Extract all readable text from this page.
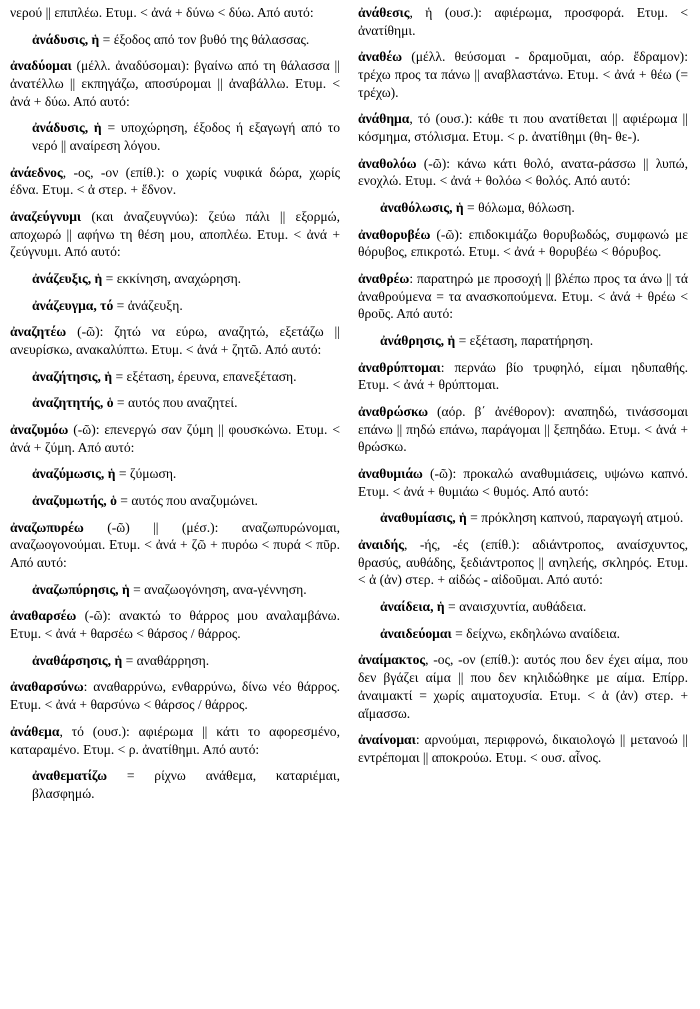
νερού || επιπλέω. Ετυμ. < ἀνά + δύνω < δύω. Από αυτό:

ἀνάδυσις, ἡ = έξοδος από τον βυθό της θάλασσας.

ἀναδύομαι (μέλλ. ἀναδύσομαι): βγαίνω από τη θάλασσα || ἀνατέλλω || εκπηγάζω, αποσύρομαι || ἀναβάλλω. Ετυμ. < ἀνά + δύω. Από αυτό:

ἀνάδυσις, ἡ = υποχώρηση, έξοδος ή εξαγωγή από το νερό || αναίρεση λόγου.

ἀνάεδνος, -ος, -ον (επίθ.): ο χωρίς νυφικά δώρα, χωρίς έδνα. Ετυμ. < ἀ στερ. + ἕδνον.

ἀναζεύγνυμι (και ἀναζευγνύω): ζεύω πάλι || εξορμώ, αποχωρώ || αφήνω τη θέση μου, αποπλέω. Ετυμ. < ἀνά + ζεύγνυμι. Από αυτό:

ἀνάζευξις, ἡ = εκκίνηση, αναχώρηση.

ἀνάζευγμα, τό = ἀνάζευξη.

ἀναζητέω (-ῶ): ζητώ να εύρω, αναζητώ, εξετάζω || ανευρίσκω, ανακαλύπτω. Ετυμ. < ἀνά + ζητῶ. Από αυτό:

ἀναζήτησις, ἡ = εξέταση, έρευνα, επανεξέταση.

ἀναζητητής, ὁ = αυτός που αναζητεί.

ἀναζυμόω (-ῶ): επενεργώ σαν ζύμη || φουσκώνω. Ετυμ. < ἀνά + ζύμη. Από αυτό:

ἀναζύμωσις, ἡ = ζύμωση.

ἀναζυμωτής, ὁ = αυτός που αναζυμώνει.

ἀναζωπυρέω (-ῶ) || (μέσ.): αναζωπυρώνομαι, αναζωογονούμαι. Ετυμ. < ἀνά + ζῶ + πυρόω < πυρά < πῦρ. Από αυτό:

ἀναζωπύρησις, ἡ = αναζωογόνηση, ανα-γέννηση.

ἀναθαρσέω (-ῶ): ανακτώ το θάρρος μου αναλαμβάνω. Ετυμ. < ἀνά + θαρσέω < θάρσος / θάρρος.

ἀναθάρσησις, ἡ = αναθάρρηση.

ἀναθαρσύνω: αναθαρρύνω, ενθαρρύνω, δίνω νέο θάρρος. Ετυμ. < ἀνά + θαρσύνω < θάρσος / θάρρος.

ἀνάθεμα, τό (ουσ.): αφιέρωμα || κάτι το αφορεσμένο, καταραμένο. Ετυμ. < ρ. ἀνατίθημι. Από αυτό:

ἀναθεματίζω = ρίχνω ανάθεμα, καταριέμαι, βλασφημώ.

ἀνάθεσις, ἡ (ουσ.): αφιέρωμα, προσφορά. Ετυμ. < ἀνατίθημι.

ἀναθέω (μέλλ. θεύσομαι - δραμοῦμαι, αόρ. ἔδραμον): τρέχω προς τα πάνω || αναβλαστάνω. Ετυμ. < ἀνά + θέω (= τρέχω).

ἀνάθημα, τό (ουσ.): κάθε τι που ανατίθεται || αφιέρωμα || κόσμημα, στόλισμα. Ετυμ. < ρ. ἀνατίθημι (θη- θε-).

ἀναθολόω (-ῶ): κάνω κάτι θολό, ανατα-ράσσω || λυπώ, ενοχλώ. Ετυμ. < ἀνά + θολόω < θολός. Από αυτό:

ἀναθόλωσις, ἡ = θόλωμα, θόλωση.

ἀναθορυβέω (-ῶ): επιδοκιμάζω θορυβωδώς, συμφωνώ με θόρυβος, επικροτώ. Ετυμ. < ἀνά + θορυβέω < θόρυβος.

ἀναθρέω: παρατηρώ με προσοχή || βλέπω προς τα άνω || τά ἀναθρούμενα = τα ανασκοπούμενα. Ετυμ. < ἀνά + θρέω < θροῦς. Από αυτό:

ἀνάθρησις, ἡ = εξέταση, παρατήρηση.

ἀναθρύπτομαι: περνάω βίο τρυφηλό, είμαι ηδυπαθής. Ετυμ. < ἀνά + θρύπτομαι.

ἀναθρώσκω (αόρ. β΄ ἀνέθορον): αναπηδώ, τινάσσομαι επάνω || πηδώ επάνω, παράγομαι || ξεπηδάω. Ετυμ. < ἀνά + θρώσκω.

ἀναθυμιάω (-ῶ): προκαλώ αναθυμιάσεις, υψώνω καπνό. Ετυμ. < ἀνά + θυμιάω < θυμός. Από αυτό:

ἀναθυμίασις, ἡ = πρόκληση καπνού, παραγωγή ατμού.

ἀναιδής, -ής, -ές (επίθ.): αδιάντροπος, αναίσχυντος, θρασύς, αυθάδης, ξεδιάντροπος || ανηλεής, σκληρός. Ετυμ. < ἀ (ἀν) στερ. + αἰδώς - αἰδοῦμαι. Από αυτό:

ἀναίδεια, ἡ = αναισχυντία, αυθάδεια.

ἀναιδεύομαι = δείχνω, εκδηλώνω αναίδεια.

ἀναίμακτος, -ος, -ον (επίθ.): αυτός που δεν έχει αίμα, που δεν βγάζει αίμα || που δεν κηλιδώθηκε με αίμα. Επίρρ. ἀναιμακτί = χωρίς αιματοχυσία. Ετυμ. < ἀ (ἀν) στερ. + αἵμασσω.

ἀναίνομαι: αρνούμαι, περιφρονώ, δικαιολογώ || μετανοώ || εντρέπομαι || αποκρούω. Ετυμ. < ουσ. αἶνος.
